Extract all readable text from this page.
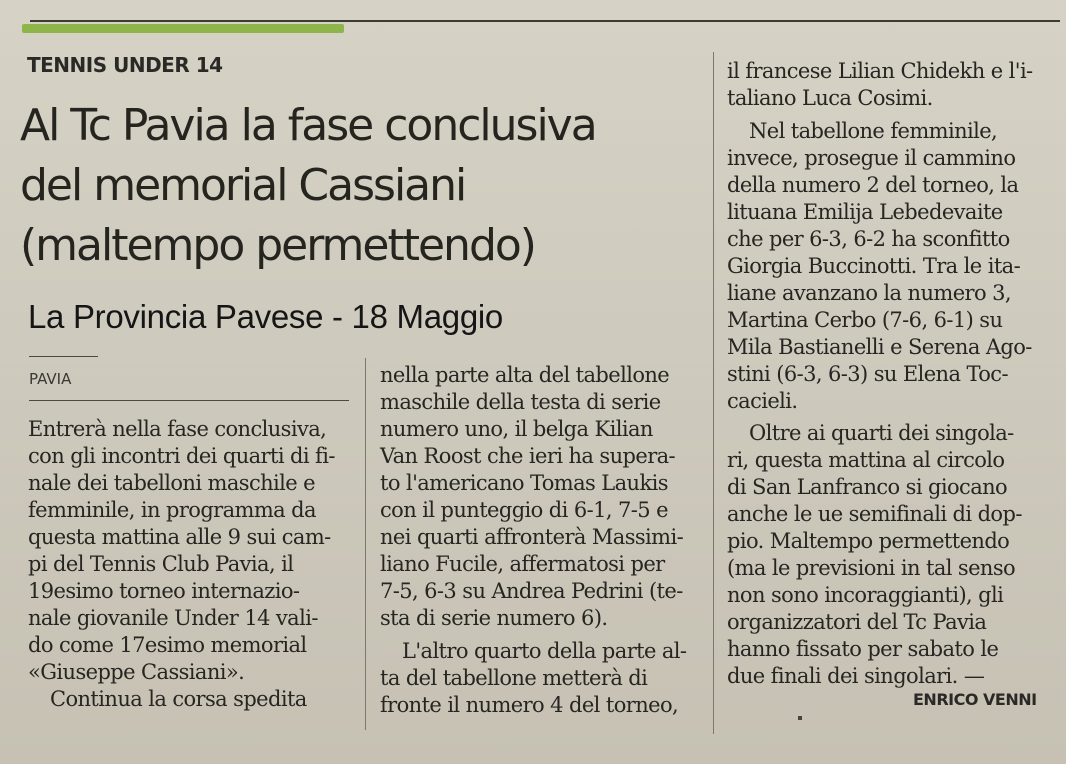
TENNIS UNDER 14
Al Tc Pavia la fase conclusiva
del memorial Cassiani
(maltempo permettendo)
La Provincia Pavese - 18 Maggio
PAVIA
Entrerà nella fase conclusiva,
con gli incontri dei quarti di fi-
nale dei tabelloni maschile e
femminile, in programma da
questa mattina alle 9 sui cam-
pi del Tennis Club Pavia, il
19esimo torneo internazio-
nale giovanile Under 14 vali-
do come 17esimo memorial
«Giuseppe Cassiani».
Continua la corsa spedita
nella parte alta del tabellone
maschile della testa di serie
numero uno, il belga Kilian
Van Roost che ieri ha supera-
to l'americano Tomas Laukis
con il punteggio di 6-1, 7-5 e
nei quarti affronterà Massimi-
liano Fucile, affermatosi per
7-5, 6-3 su Andrea Pedrini (te-
sta di serie numero 6).
L'altro quarto della parte al-
ta del tabellone metterà di
fronte il numero 4 del torneo,
il francese Lilian Chidekh e l'i-
taliano Luca Cosimi.
Nel tabellone femminile,
invece, prosegue il cammino
della numero 2 del torneo, la
lituana Emilija Lebedevaite
che per 6-3, 6-2 ha sconfitto
Giorgia Buccinotti. Tra le ita-
liane avanzano la numero 3,
Martina Cerbo (7-6, 6-1) su
Mila Bastianelli e Serena Ago-
stini (6-3, 6-3) su Elena Toc-
cacieli.
Oltre ai quarti dei singola-
ri, questa mattina al circolo
di San Lanfranco si giocano
anche le ue semifinali di dop-
pio. Maltempo permettendo
(ma le previsioni in tal senso
non sono incoraggianti), gli
organizzatori del Tc Pavia
hanno fissato per sabato le
due finali dei singolari. —
ENRICO VENNI
